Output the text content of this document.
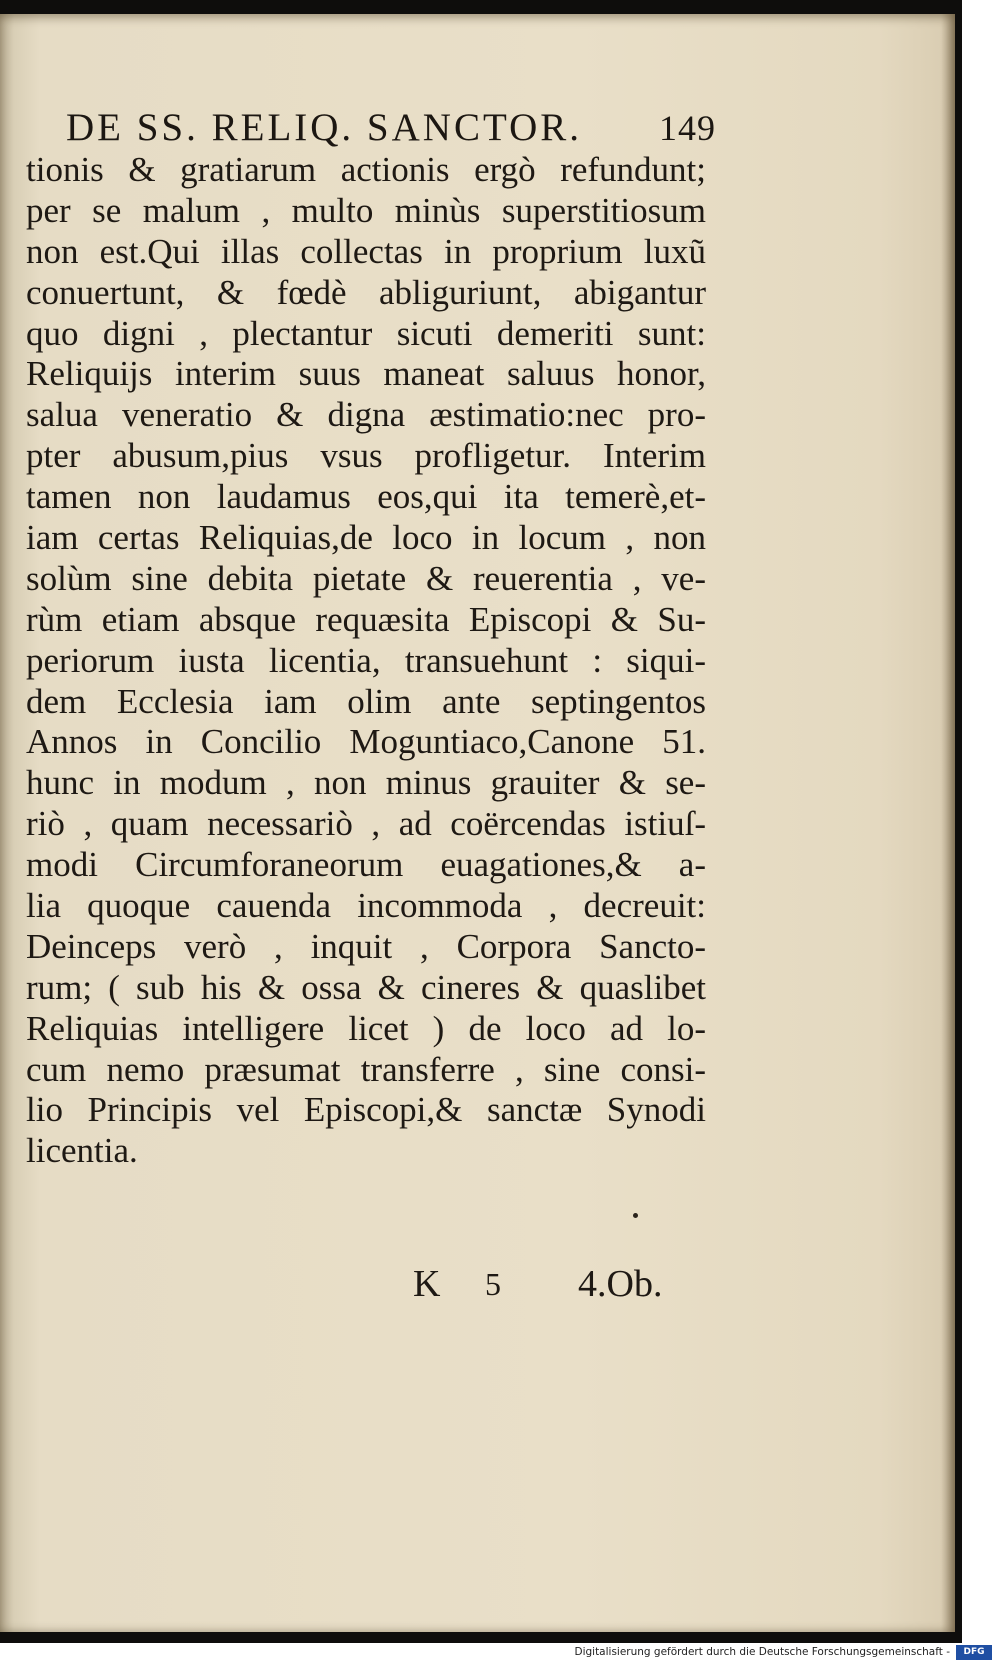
DE SS. RELIQ. SANCTOR. 149
tionis & gratiarum actionis ergò refundunt;
per se malum , multo minùs superstitiosum
non est.Qui illas collectas in proprium luxũ
conuertunt, & fœdè abliguriunt, abigantur
quo digni , plectantur sicuti demeriti sunt:
Reliquijs interim suus maneat saluus honor,
salua veneratio & digna æstimatio:nec pro-
pter abusum,pius vsus profligetur. Interim
tamen non laudamus eos,qui ita temerè,et-
iam certas Reliquias,de loco in locum , non
solùm sine debita pietate & reuerentia , ve-
rùm etiam absque requæsita Episcopi & Su-
periorum iusta licentia, transuehunt : siqui-
dem Ecclesia iam olim ante septingentos
Annos in Concilio Moguntiaco,Canone 51.
hunc in modum , non minus grauiter & se-
riò , quam necessariò , ad coërcendas istiuſ-
modi Circumforaneorum euagationes,& a-
lia quoque cauenda incommoda , decreuit:
Deinceps verò , inquit , Corpora Sancto-
rum; ( sub his & ossa & cineres & quaslibet
Reliquias intelligere licet ) de loco ad lo-
cum nemo præsumat transferre , sine consi-
lio Principis vel Episcopi,& sanctæ Synodi
licentia.
K 5 4.Ob.
Digitalisierung gefördert durch die Deutsche Forschungsgemeinschaft -	DFG
